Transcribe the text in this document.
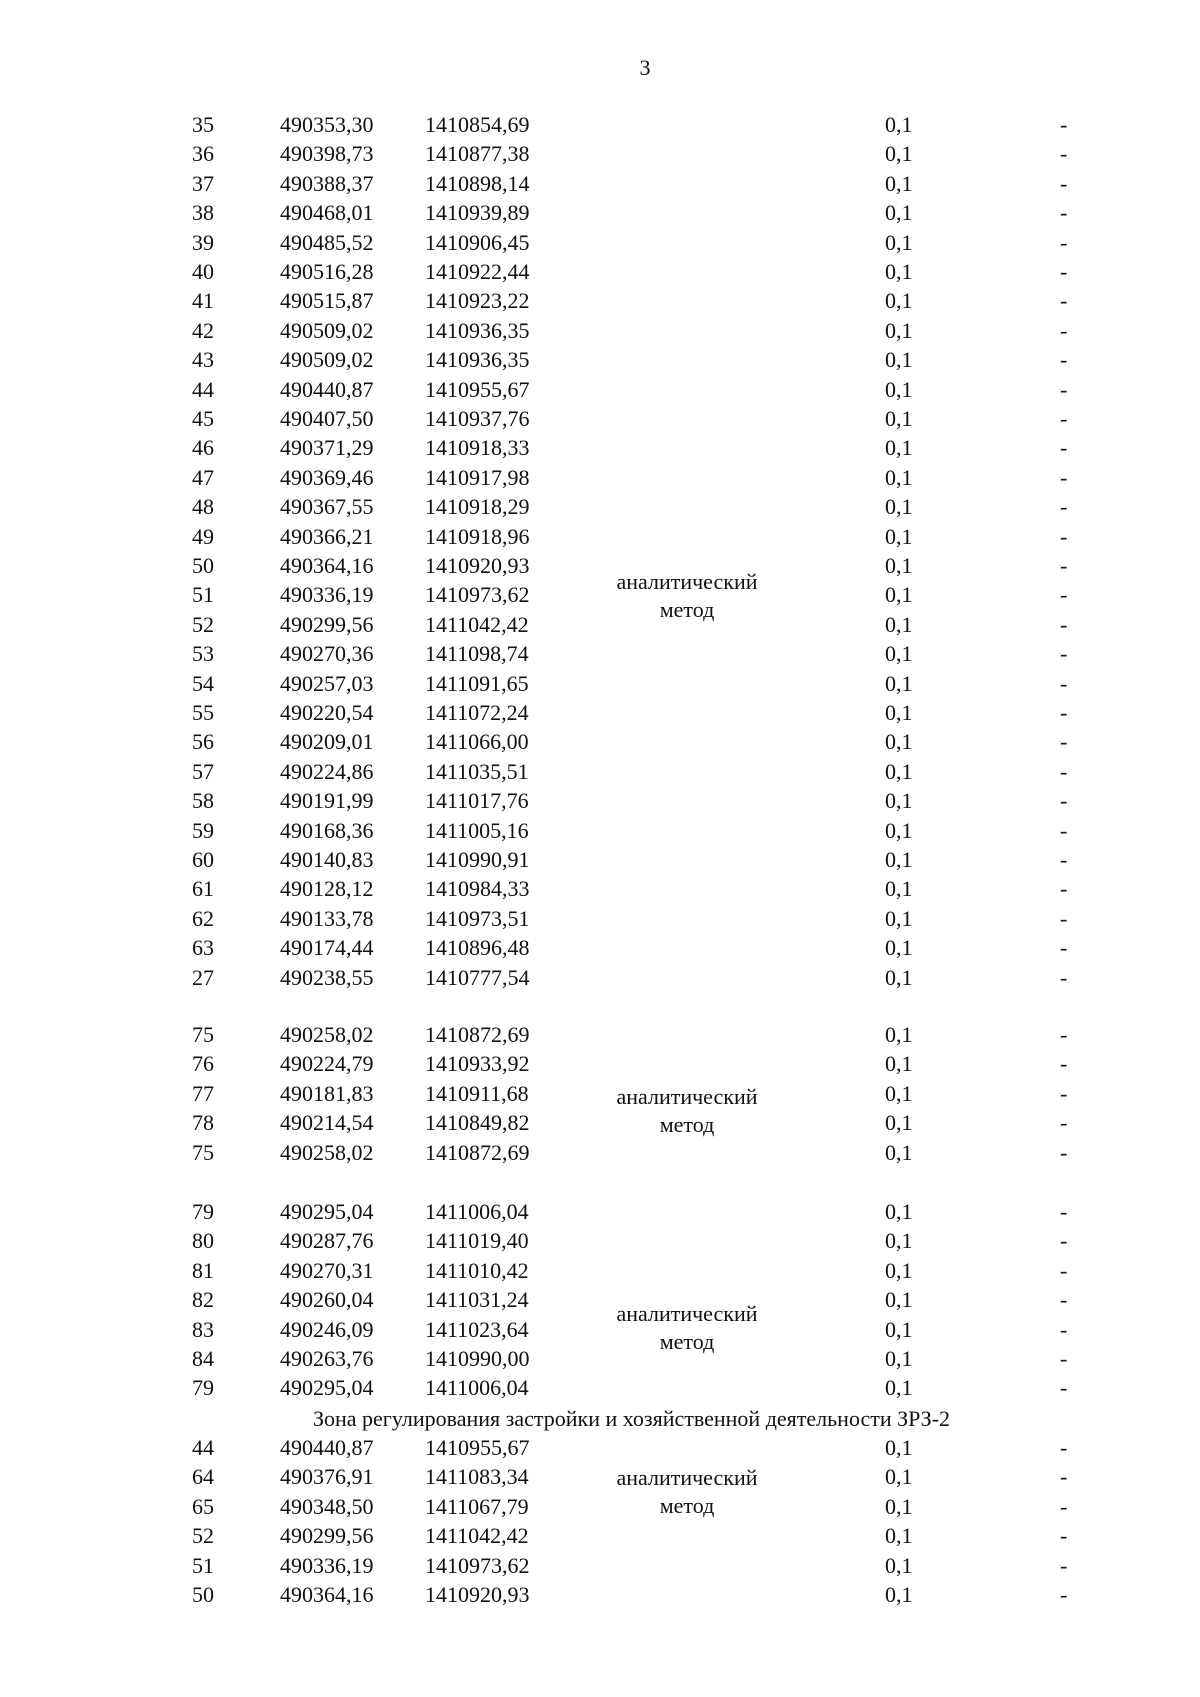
3
35	490353,30 1410854,69	0,1	-
36	490398,73 1410877,38	0,1	-
37	490388,37 1410898,14	0,1	-
38	490468,01 1410939,89	0,1	-
39	490485,52 1410906,45	0,1	-
40	490516,28 1410922,44	0,1	-
41	490515,87 1410923,22	0,1	-
42	490509,02 1410936,35	0,1	-
43	490509,02 1410936,35	0,1	-
44	490440,87 1410955,67	0,1	-
45	490407,50 1410937,76	0,1	-
46	490371,29 1410918,33	0,1	-
47	490369,46 1410917,98	0,1	-
48	490367,55 1410918,29	0,1	-
49	490366,21 1410918,96	0,1	-
50	490364,16 1410920,93	0,1	-
51	490336,19 1410973,62	0,1	-
52	490299,56 1411042,42	0,1	-
53	490270,36 1411098,74	0,1	-
54	490257,03 1411091,65	0,1	-
55	490220,54 1411072,24	0,1	-
56	490209,01 1411066,00	0,1	-
57	490224,86 1411035,51	0,1	-
58	490191,99 1411017,76	0,1	-
59	490168,36 1411005,16	0,1	-
60	490140,83 1410990,91	0,1	-
61	490128,12 1410984,33	0,1	-
62	490133,78 1410973,51	0,1	-
63	490174,44 1410896,48	0,1	-
27	490238,55 1410777,54	0,1	-
аналитический
метод
75	490258,02 1410872,69	0,1	-
76	490224,79 1410933,92	0,1	-
77	490181,83 1410911,68	0,1	-
78	490214,54 1410849,82	0,1	-
75	490258,02 1410872,69	0,1	-
аналитический
метод
79	490295,04 1411006,04	0,1	-
80	490287,76 1411019,40	0,1	-
81	490270,31 1411010,42	0,1	-
82	490260,04 1411031,24	0,1	-
83	490246,09 1411023,64	0,1	-
84	490263,76 1410990,00	0,1	-
79	490295,04 1411006,04	0,1	-
аналитический
метод
Зона регулирования застройки и хозяйственной деятельности ЗРЗ-2
44	490440,87 1410955,67	0,1	-
64	490376,91 1411083,34	0,1	-
65	490348,50 1411067,79	0,1	-
52	490299,56 1411042,42	0,1	-
51	490336,19 1410973,62	0,1	-
50	490364,16 1410920,93	0,1	-
аналитический
метод
